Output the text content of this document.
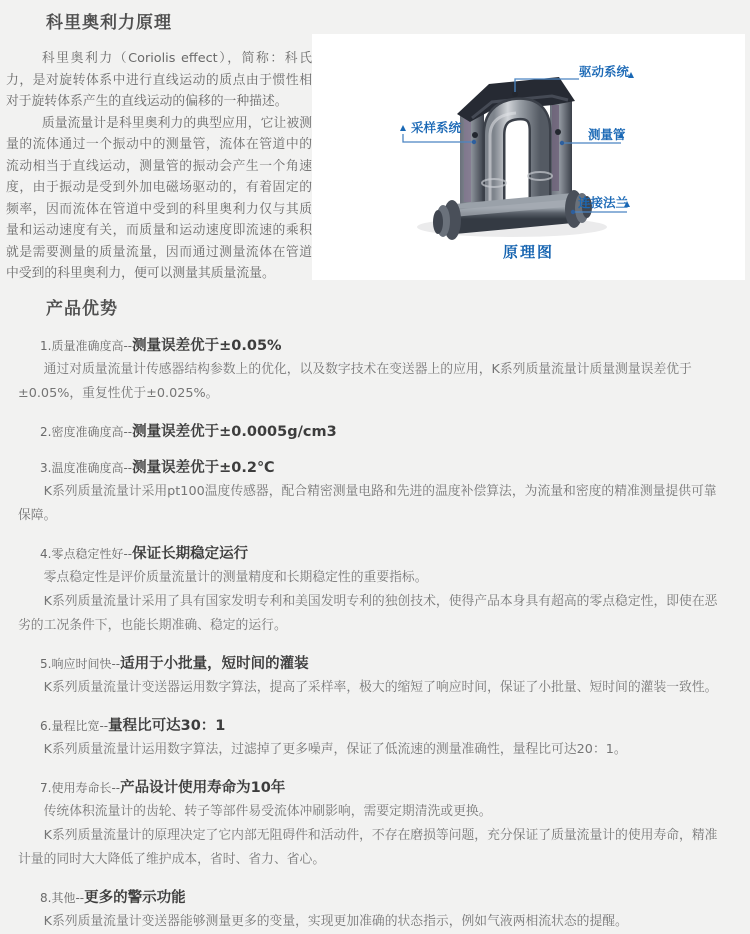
科里奥利力原理

科里奥利力（Coriolis effect），简称：科氏力，是对旋转体系中进行直线运动的质点由于惯性相对于旋转体系产生的直线运动的偏移的一种描述。

质量流量计是科里奥利力的典型应用，它让被测量的流体通过一个振动中的测量管，流体在管道中的流动相当于直线运动，测量管的振动会产生一个角速度，由于振动是受到外加电磁场驱动的，有着固定的频率，因而流体在管道中受到的科里奥利力仅与其质量和运动速度有关，而质量和运动速度即流速的乘积就是需要测量的质量流量，因而通过测量流体在管道中受到的科里奥利力，便可以测量其质量流量。

驱动系统
采样系统	测量管
连接法兰
原理图
产品优势

1.质量准确度高--测量误差优于±0.05%

通过对质量流量计传感器结构参数上的优化，以及数字技术在变送器上的应用，K系列质量流量计质量测量误差优于±0.05%，重复性优于±0.025%。

2.密度准确度高--测量误差优于±0.0005g/cm3

3.温度准确度高--测量误差优于±0.2℃

K系列质量流量计采用pt100温度传感器，配合精密测量电路和先进的温度补偿算法，为流量和密度的精准测量提供可靠保障。

4.零点稳定性好--保证长期稳定运行

零点稳定性是评价质量流量计的测量精度和长期稳定性的重要指标。

K系列质量流量计采用了具有国家发明专利和美国发明专利的独创技术，使得产品本身具有超高的零点稳定性，即使在恶劣的工况条件下，也能长期准确、稳定的运行。

5.响应时间快--适用于小批量，短时间的灌装

K系列质量流量计变送器运用数字算法，提高了采样率，极大的缩短了响应时间，保证了小批量、短时间的灌装一致性。

6.量程比宽--量程比可达30：1

K系列质量流量计运用数字算法，过滤掉了更多噪声，保证了低流速的测量准确性，量程比可达20：1。

7.使用寿命长--产品设计使用寿命为10年

传统体积流量计的齿轮、转子等部件易受流体冲刷影响，需要定期清洗或更换。

K系列质量流量计的原理决定了它内部无阻碍件和活动件，不存在磨损等问题，充分保证了质量流量计的使用寿命，精准计量的同时大大降低了维护成本，省时、省力、省心。

8.其他--更多的警示功能

K系列质量流量计变送器能够测量更多的变量，实现更加准确的状态指示，例如气液两相流状态的提醒。
